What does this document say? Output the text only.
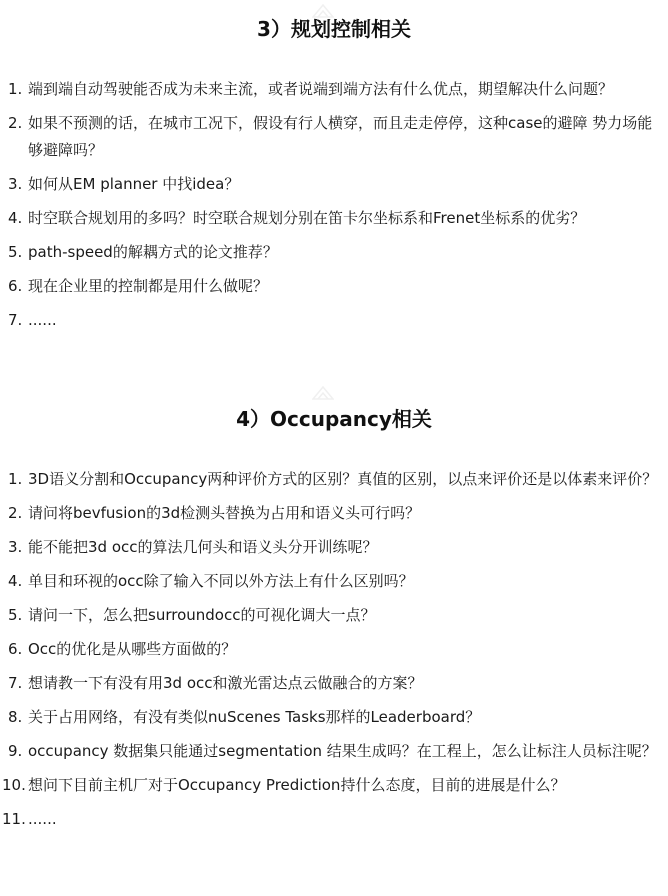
3）规划控制相关
1. 端到端自动驾驶能否成为未来主流，或者说端到端方法有什么优点，期望解决什么问题？
2. 如果不预测的话，在城市工况下，假设有行人横穿，而且走走停停，这种case的避障 势力场能够避障吗？
3. 如何从EM planner 中找idea？
4. 时空联合规划用的多吗？时空联合规划分别在笛卡尔坐标系和Frenet坐标系的优劣？
5. path-speed的解耦方式的论文推荐？
6. 现在企业里的控制都是用什么做呢？
7. ......
4）Occupancy相关
1. 3D语义分割和Occupancy两种评价方式的区别？真值的区别，以点来评价还是以体素来评价？
2. 请问将bevfusion的3d检测头替换为占用和语义头可行吗？
3. 能不能把3d occ的算法几何头和语义头分开训练呢？
4. 单目和环视的occ除了输入不同以外方法上有什么区别吗？
5. 请问一下，怎么把surroundocc的可视化调大一点？
6. Occ的优化是从哪些方面做的？
7. 想请教一下有没有用3d occ和激光雷达点云做融合的方案？
8. 关于占用网络，有没有类似nuScenes Tasks那样的Leaderboard？
9. occupancy 数据集只能通过segmentation 结果生成吗？在工程上，怎么让标注人员标注呢？
10. 想问下目前主机厂对于Occupancy Prediction持什么态度，目前的进展是什么？
11. ......
